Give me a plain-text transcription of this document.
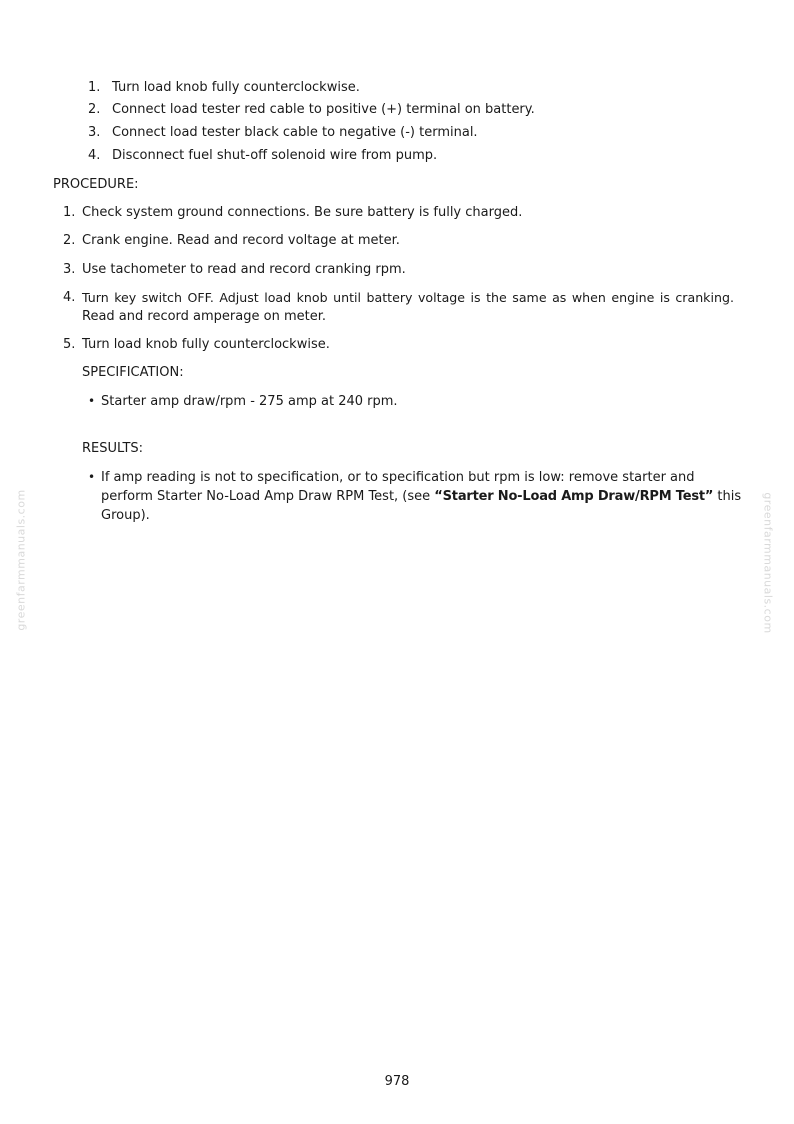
1. Turn load knob fully counterclockwise.
2. Connect load tester red cable to positive (+) terminal on battery.
3. Connect load tester black cable to negative (-) terminal.
4. Disconnect fuel shut-off solenoid wire from pump.
PROCEDURE:
1. Check system ground connections. Be sure battery is fully charged.
2. Crank engine. Read and record voltage at meter.
3. Use tachometer to read and record cranking rpm.
4. Turn key switch OFF. Adjust load knob until battery voltage is the same as when engine is cranking.
Read and record amperage on meter.
5. Turn load knob fully counterclockwise.
SPECIFICATION:
• Starter amp draw/rpm - 275 amp at 240 rpm.
RESULTS:
• If amp reading is not to specification, or to specification but rpm is low: remove starter and
perform Starter No-Load Amp Draw RPM Test, (see “Starter No-Load Amp Draw/RPM Test” this
Group).
greenfarmmanuals.com	greenfarmmanuals.com
978
